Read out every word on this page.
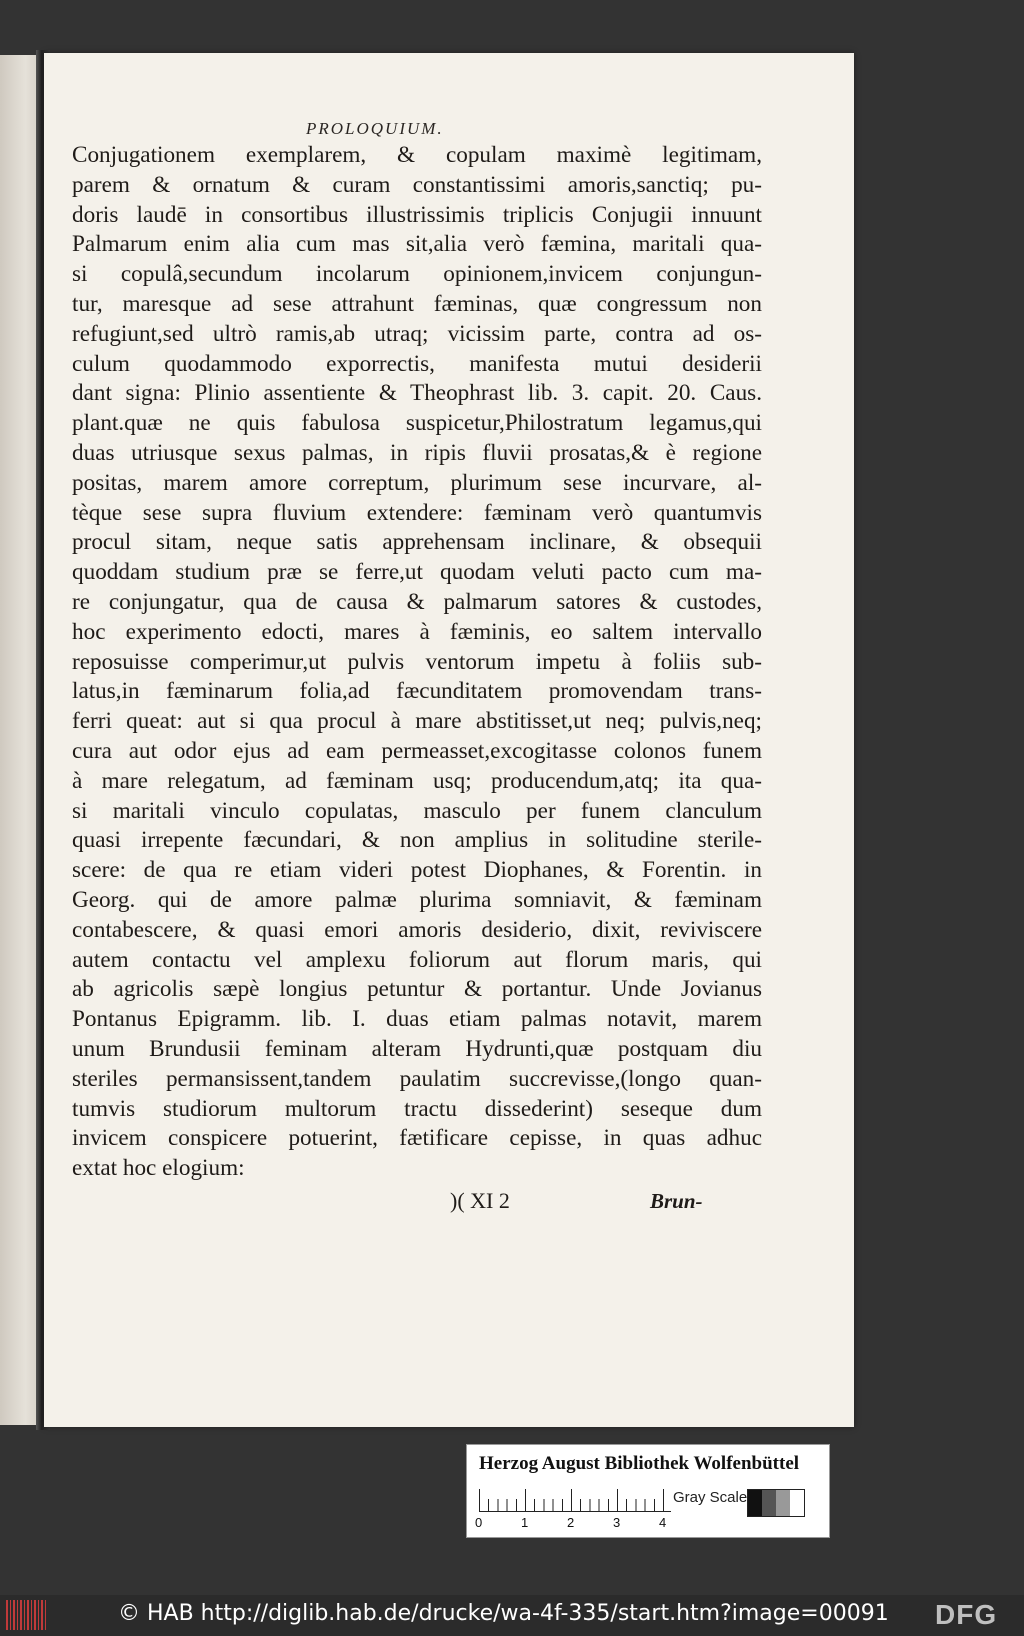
PROLOQUIUM.
Conjugationem exemplarem, & copulam maximè legitimam,
parem & ornatum & curam constantissimi amoris,sanctiq; pu-
doris laudē in consortibus illustrissimis triplicis Conjugii innuunt
Palmarum enim alia cum mas sit,alia verò fæmina, maritali qua-
si copulâ,secundum incolarum opinionem,invicem conjungun-
tur, maresque ad sese attrahunt fæminas, quæ congressum non
refugiunt,sed ultrò ramis,ab utraq; vicissim parte, contra ad os-
culum quodammodo exporrectis, manifesta mutui desiderii
dant signa: Plinio assentiente & Theophrast lib. 3. capit. 20. Caus.
plant.quæ ne quis fabulosa suspicetur,Philostratum legamus,qui
duas utriusque sexus palmas, in ripis fluvii prosatas,& è regione
positas, marem amore correptum, plurimum sese incurvare, al-
tèque sese supra fluvium extendere: fæminam verò quantumvis
procul sitam, neque satis apprehensam inclinare, & obsequii
quoddam studium præ se ferre,ut quodam veluti pacto cum ma-
re conjungatur, qua de causa & palmarum satores & custodes,
hoc experimento edocti, mares à fæminis, eo saltem intervallo
reposuisse comperimur,ut pulvis ventorum impetu à foliis sub-
latus,in fæminarum folia,ad fæcunditatem promovendam trans-
ferri queat: aut si qua procul à mare abstitisset,ut neq; pulvis,neq;
cura aut odor ejus ad eam permeasset,excogitasse colonos funem
à mare relegatum, ad fæminam usq; producendum,atq; ita qua-
si maritali vinculo copulatas, masculo per funem clanculum
quasi irrepente fæcundari, & non amplius in solitudine sterile-
scere: de qua re etiam videri potest Diophanes, & Forentin. in
Georg. qui de amore palmæ plurima somniavit, & fæminam
contabescere, & quasi emori amoris desiderio, dixit, reviviscere
autem contactu vel amplexu foliorum aut florum maris, qui
ab agricolis sæpè longius petuntur & portantur. Unde Jovianus
Pontanus Epigramm. lib. I. duas etiam palmas notavit, marem
unum Brundusii feminam alteram Hydrunti,quæ postquam diu
steriles permansissent,tandem paulatim succrevisse,(longo quan-
tumvis studiorum multorum tractu dissederint) seseque dum
invicem conspicere potuerint, fætificare cepisse, in quas adhuc
extat hoc elogium:
)( XI 2	Brun-
Herzog August Bibliothek Wolfenbüttel
0	1	2	3	4
Gray Scale
© HAB http://diglib.hab.de/drucke/wa-4f-335/start.htm?image=00091 DFG
